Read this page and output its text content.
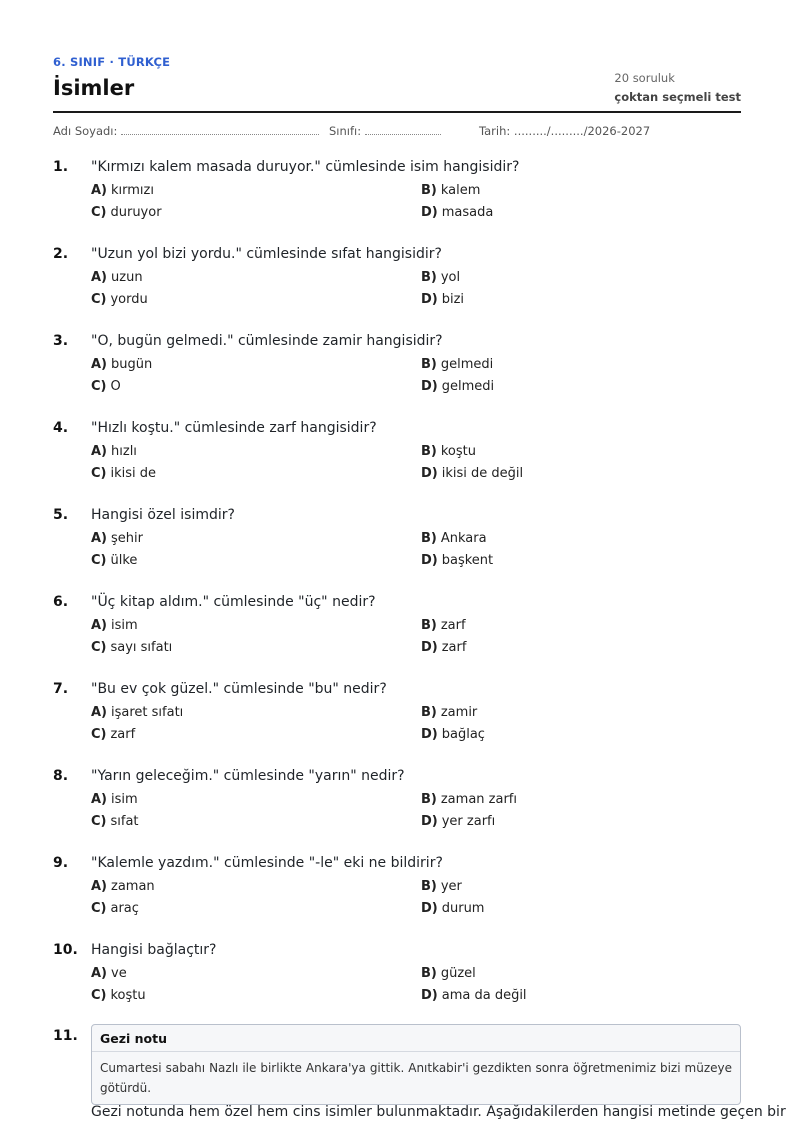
6. SINIF · TÜRKÇE
İsimler	20 soruluk
çoktan seçmeli test
Adı Soyadı:	Sınıfı:	Tarih: ........./........./2026-2027
1. "Kırmızı kalem masada duruyor." cümlesinde isim hangisidir?
A) kırmızı	B) kalem
C) duruyor	D) masada
2. "Uzun yol bizi yordu." cümlesinde sıfat hangisidir?
A) uzun	B) yol
C) yordu	D) bizi
3. "O, bugün gelmedi." cümlesinde zamir hangisidir?
A) bugün	B) gelmedi
C) O	D) gelmedi
4. "Hızlı koştu." cümlesinde zarf hangisidir?
A) hızlı	B) koştu
C) ikisi de	D) ikisi de değil
5. Hangisi özel isimdir?
A) şehir	B) Ankara
C) ülke	D) başkent
6. "Üç kitap aldım." cümlesinde "üç" nedir?
A) isim	B) zarf
C) sayı sıfatı	D) zarf
7. "Bu ev çok güzel." cümlesinde "bu" nedir?
A) işaret sıfatı	B) zamir
C) zarf	D) bağlaç
8. "Yarın geleceğim." cümlesinde "yarın" nedir?
A) isim	B) zaman zarfı
C) sıfat	D) yer zarfı
9. "Kalemle yazdım." cümlesinde "-le" eki ne bildirir?
A) zaman	B) yer
C) araç	D) durum
10. Hangisi bağlaçtır?
A) ve	B) güzel
C) koştu	D) ama da değil
11.	Gezi notu
Cumartesi sabahı Nazlı ile birlikte Ankara'ya gittik. Anıtkabir'i gezdikten sonra öğretmenimiz bizi müzeye götürdü.
Gezi notunda hem özel hem cins isimler bulunmaktadır. Aşağıdakilerden hangisi metinde geçen bir
